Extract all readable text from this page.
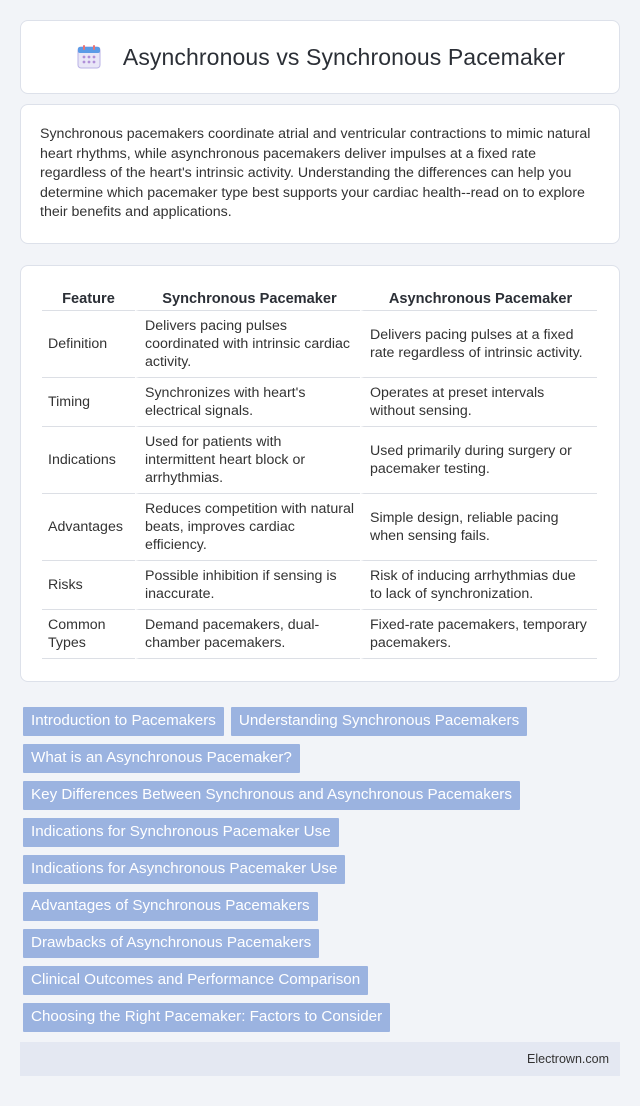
Asynchronous vs Synchronous Pacemaker

Synchronous pacemakers coordinate atrial and ventricular contractions to mimic natural heart rhythms, while asynchronous pacemakers deliver impulses at a fixed rate regardless of the heart's intrinsic activity. Understanding the differences can help you determine which pacemaker type best supports your cardiac health--read on to explore their benefits and applications.

Feature	Synchronous Pacemaker	Asynchronous Pacemaker
Definition	Delivers pacing pulses coordinated with intrinsic cardiac activity.	Delivers pacing pulses at a fixed rate regardless of intrinsic activity.
Timing	Synchronizes with heart's electrical signals.	Operates at preset intervals without sensing.
Indications	Used for patients with intermittent heart block or arrhythmias.	Used primarily during surgery or pacemaker testing.
Advantages	Reduces competition with natural beats, improves cardiac efficiency.	Simple design, reliable pacing when sensing fails.
Risks	Possible inhibition if sensing is inaccurate.	Risk of inducing arrhythmias due to lack of synchronization.
Common Types	Demand pacemakers, dual-chamber pacemakers.	Fixed-rate pacemakers, temporary pacemakers.
Introduction to Pacemakers	Understanding Synchronous Pacemakers
What is an Asynchronous Pacemaker?
Key Differences Between Synchronous and Asynchronous Pacemakers
Indications for Synchronous Pacemaker Use
Indications for Asynchronous Pacemaker Use
Advantages of Synchronous Pacemakers
Drawbacks of Asynchronous Pacemakers
Clinical Outcomes and Performance Comparison
Choosing the Right Pacemaker: Factors to Consider
Electrown.com
